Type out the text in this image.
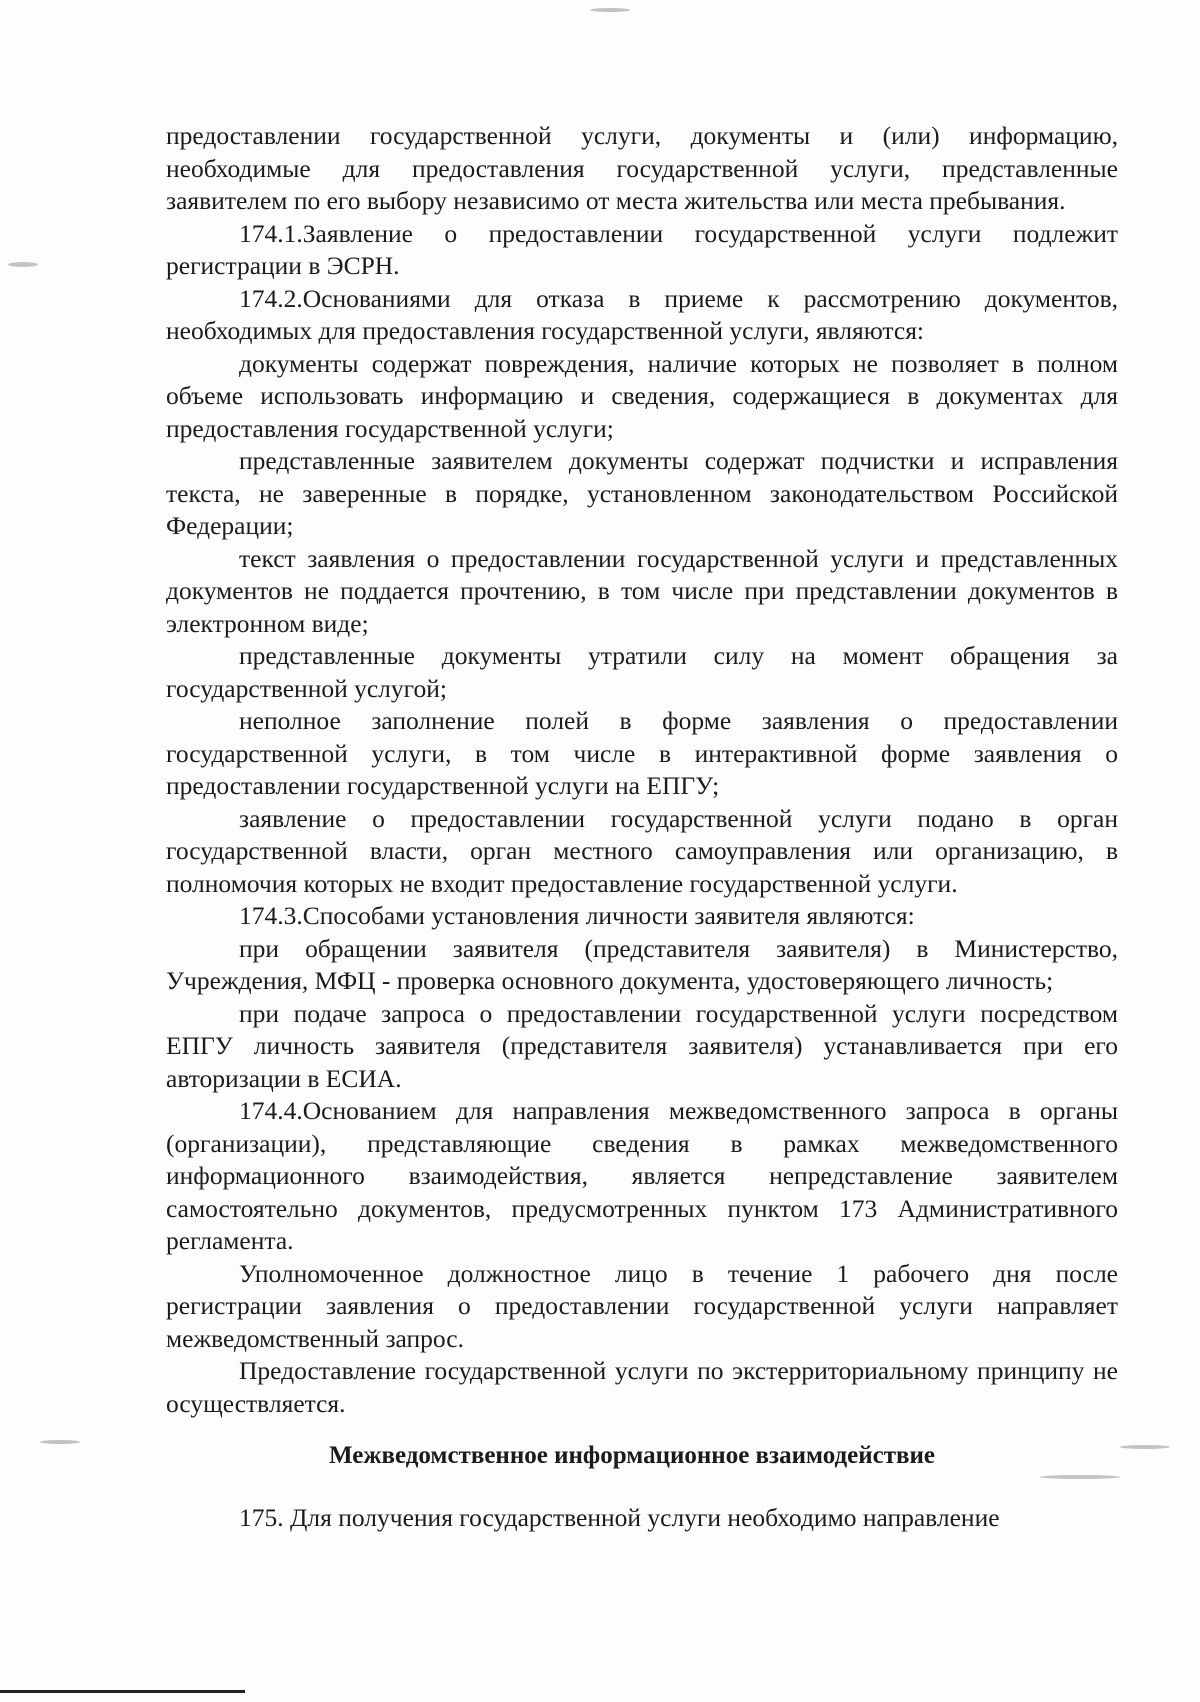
предоставлении государственной услуги, документы и (или) информацию, необходимые для предоставления государственной услуги, представленные заявителем по его выбору независимо от места жительства или места пребывания.

174.1.Заявление о предоставлении государственной услуги подлежит регистрации в ЭСРН.

174.2.Основаниями для отказа в приеме к рассмотрению документов, необходимых для предоставления государственной услуги, являются:

документы содержат повреждения, наличие которых не позволяет в полном объеме использовать информацию и сведения, содержащиеся в документах для предоставления государственной услуги;

представленные заявителем документы содержат подчистки и исправления текста, не заверенные в порядке, установленном законодательством Российской Федерации;

текст заявления о предоставлении государственной услуги и представленных документов не поддается прочтению, в том числе при представлении документов в электронном виде;

представленные документы утратили силу на момент обращения за государственной услугой;

неполное заполнение полей в форме заявления о предоставлении государственной услуги, в том числе в интерактивной форме заявления о предоставлении государственной услуги на ЕПГУ;

заявление о предоставлении государственной услуги подано в орган государственной власти, орган местного самоуправления или организацию, в полномочия которых не входит предоставление государственной услуги.

174.3.Способами установления личности заявителя являются:

при обращении заявителя (представителя заявителя) в Министерство, Учреждения, МФЦ - проверка основного документа, удостоверяющего личность;

при подаче запроса о предоставлении государственной услуги посредством ЕПГУ личность заявителя (представителя заявителя) устанавливается при его авторизации в ЕСИА.

174.4.Основанием для направления межведомственного запроса в органы (организации), представляющие сведения в рамках межведомственного информационного взаимодействия, является непредставление заявителем самостоятельно документов, предусмотренных пунктом 173 Административного регламента.

Уполномоченное должностное лицо в течение 1 рабочего дня после регистрации заявления о предоставлении государственной услуги направляет межведомственный запрос.

Предоставление государственной услуги по экстерриториальному принципу не осуществляется.

Межведомственное информационное взаимодействие

175. Для получения государственной услуги необходимо направление
